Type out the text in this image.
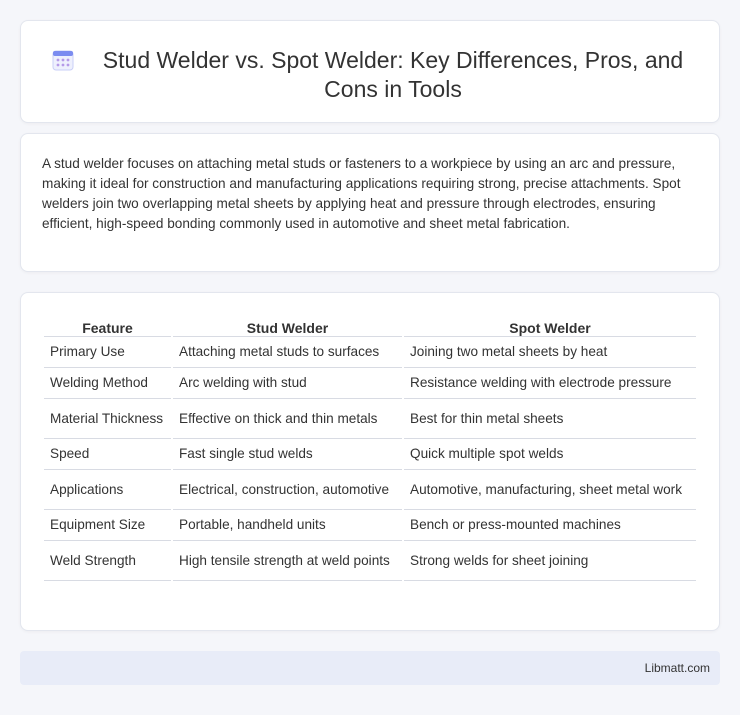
Stud Welder vs. Spot Welder: Key Differences, Pros, and Cons in Tools

A stud welder focuses on attaching metal studs or fasteners to a workpiece by using an arc and pressure, making it ideal for construction and manufacturing applications requiring strong, precise attachments. Spot welders join two overlapping metal sheets by applying heat and pressure through electrodes, ensuring efficient, high-speed bonding commonly used in automotive and sheet metal fabrication.

Feature	Stud Welder	Spot Welder
Primary Use	Attaching metal studs to surfaces	Joining two metal sheets by heat
Welding Method	Arc welding with stud	Resistance welding with electrode pressure
Material Thickness	Effective on thick and thin metals	Best for thin metal sheets
Speed	Fast single stud welds	Quick multiple spot welds
Applications	Electrical, construction, automotive	Automotive, manufacturing, sheet metal work
Equipment Size	Portable, handheld units	Bench or press-mounted machines
Weld Strength	High tensile strength at weld points	Strong welds for sheet joining
Libmatt.com
